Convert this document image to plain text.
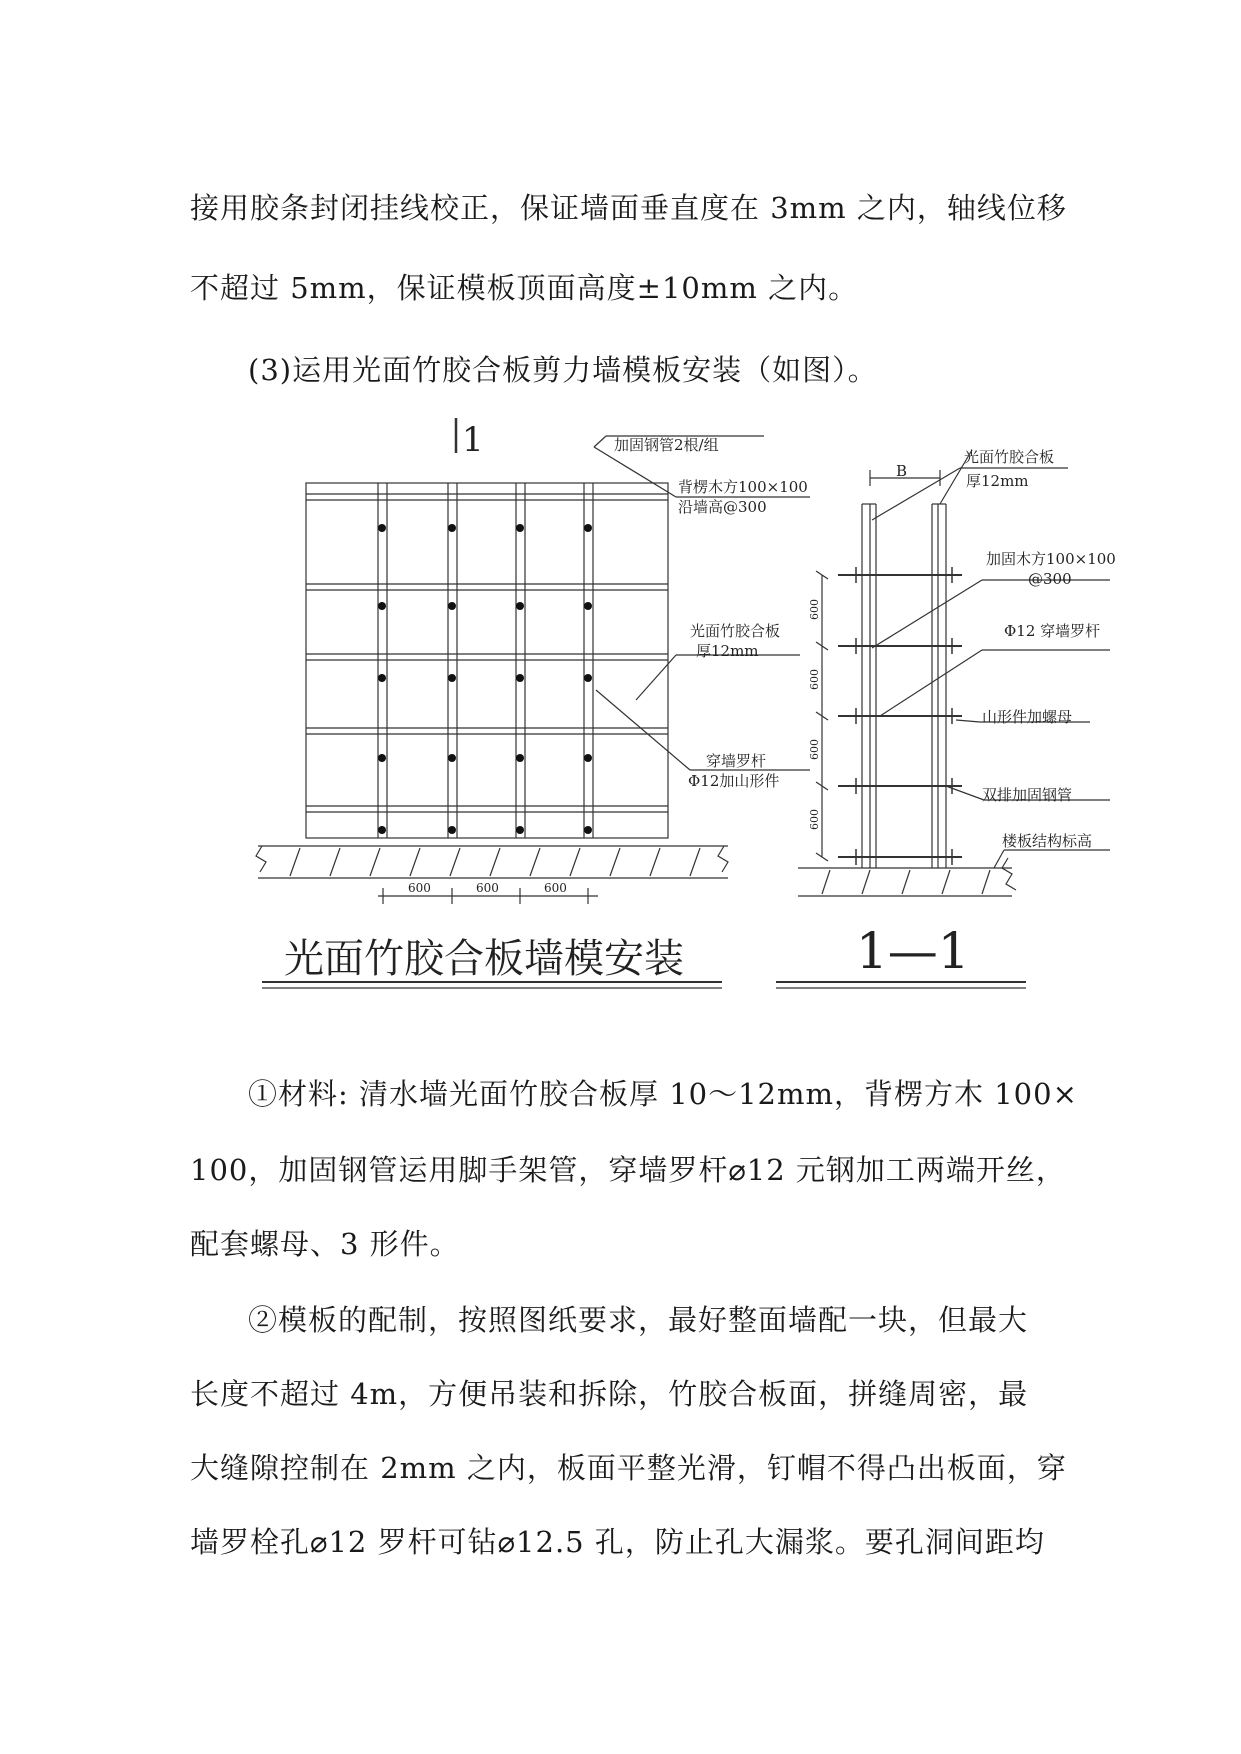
接用胶条封闭挂线校正，保证墙面垂直度在 3mm 之内，轴线位移

不超过 5mm，保证模板顶面高度±10mm 之内。

(3)运用光面竹胶合板剪力墙模板安装（如图）。

①材料: 清水墙光面竹胶合板厚 10～12mm，背楞方木 100×

100，加固钢管运用脚手架管，穿墙罗杆⌀12 元钢加工两端开丝，

配套螺母、3 形件。

②模板的配制，按照图纸要求，最好整面墙配一块，但最大

长度不超过 4m，方便吊装和拆除，竹胶合板面，拼缝周密，最

大缝隙控制在 2mm 之内，板面平整光滑，钉帽不得凸出板面，穿

墙罗栓孔⌀12 罗杆可钻⌀12.5 孔，防止孔大漏浆。要孔洞间距均

1	加固钢管2根/组
背楞木方100×100
沿墙高@300
光面竹胶合板
厚12mm
穿墙罗杆
Φ12加山形件
600	600	600
光面竹胶合板墙模安装
B
光面竹胶合板
厚12mm
加固木方100×100
@300
Φ12 穿墙罗杆
山形件加螺母
双排加固钢管
楼板结构标高
600
600
600
600
1—1
